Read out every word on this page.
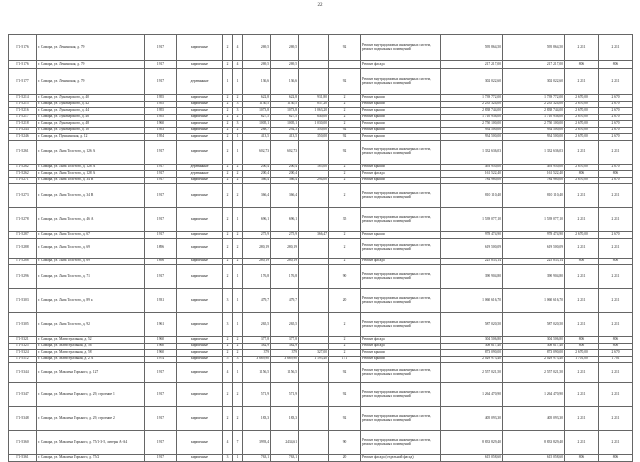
22
Г1-5176	г. Самара, ул. Ленинская, д. 79	1917	кирпичные	2	4	269,5	269,5		92	Ремонт внутридомовых инженерных систем, ремонт подвальных помещений	595 864,50	595 864,50	2 211	2 211
Г1-5176	г. Самара, ул. Ленинская, д. 79	1917	кирпичные	2	4	269,5	269,5			Ремонт фасада	217 217,00	217 217,00	806	806
Г1-5177	г. Самара, ул. Ленинская, д. 79	1917	деревянные	1	1	136,6	136,6		92	Ремонт внутридомовых инженерных систем, ремонт подвальных помещений	302 022,60	302 022,60	2 211	2 211
Г1-5214	г. Самара, ул. Луначарского, д. 40	1955	кирпичные	2	2	622,8	622,8	931,80	2	Ремонт крыши	1 739 772,00	1 739 772,00	2 670,00	2 670
Г1-5215	г. Самара, ул. Луначарского, д. 42	1955	кирпичные	2	3	1130,5	1130,5	837,20	2	Ремонт крыши	2 235 324,00	2 235 324,00	2 670,00	2 670
Г1-5216	г. Самара, ул. Луначарского, д. 44	1955	кирпичные	2	3	1073,8	1073,8	1 063,20	2	Ремонт крыши	2 838 744,00	2 838 744,00	2 670,00	2 670
Г1-5217	г. Самара, ул. Луначарского, д. 46	1955	кирпичные	2	2	627,5	627,5	640,00	2	Ремонт крыши	1 710 936,00	1 710 936,00	2 670,00	2 670
Г1-5218	г. Самара, ул. Луначарского, д. 48	1960	кирпичные	2	3	1005,1	1005,1	1 030,00	2	Ремонт крыши	2 750 100,00	2 750 100,00	2 670,00	2 670
Г1-5244	г. Самара, ул. Луначарского, д. 10	1953	кирпичные	2	2	288,7	292,3	350,00	92	Ремонт крыши	934 500,00	934 500,00	2 670,00	2 670
Г1-5246	г. Самара, ул. Пушкинская, д. 12	1954	кирпичные	2	1	413,5	413,5	350,00	92	Ремонт крыши	934 500,00	934 500,00	2 670,00	2 670
Г1-5261	г. Самара, ул. Льва Толстого, д. 126 А	1917	кирпичные	2	1	602,73	602,73		92	Ремонт внутридомовых инженерных систем, ремонт подвальных помещений	1 332 636,03	1 332 636,03	2 211	2 211
Г1-5262	г. Самара, ул. Льва Толстого, д. 128 А	1917	деревянные	2	2	200,4	200,4	185,00	2	Ремонт крыши	493 950,00	493 950,00	2 670,00	2 670
Г1-5262	г. Самара, ул. Льва Толстого, д. 128 А	1917	деревянные	2	2	200,4	200,4		2	Ремонт фасада	161 522,40	161 522,40	806	806
Г1-5271	г. Самара, ул. Льва Толстого, д. 34 В	1917	кирпичные	2	2	366,4	366,4	294,00	2	Ремонт крыши	784 980,00	784 980,00	2 670,00	2 670
Г1-5273	г. Самара, ул. Льва Толстого, д. 34 В	1917	кирпичные	2	2	366,4	366,4		2	Ремонт внутридомовых инженерных систем, ремонт подвальных помещений	810 110,40	810 110,40	2 211	2 211
Г1-5278	г. Самара, ул. Льва Толстого, д. 46 А	1917	кирпичные	2	1	696,1	696,1		35	Ремонт внутридомовых инженерных систем, ремонт подвальных помещений	1 539 077,10	1 539 077,10	2 211	2 211
Г1-5287	г. Самара, ул. Льва Толстого, д. 67	1917	кирпичные	2	2	275,9	275,9	366,47	2	Ремонт крыши	978 474,90	978 474,90	2 670,00	2 670
Г1-5288	г. Самара, ул. Льва Толстого, д. 69	1896	кирпичные	2	2	280,19	280,19		2	Ремонт внутридомовых инженерных систем, ремонт подвальных помещений	619 500,09	619 500,09	2 211	2 211
Г1-5288	г. Самара, ул. Льва Толстого, д. 69	1896	кирпичные	2	2	280,19	280,19		2	Ремонт фасада	225 833,14	225 833,14	806	806
Г1-5296	г. Самара, ул. Льва Толстого, д. 71	1917	кирпичные	2	1	176,8	176,8		90	Ремонт внутридомовых инженерных систем, ремонт подвальных помещений	390 904,80	390 904,80	2 211	2 211
Г1-5303	г. Самара, ул. Льва Толстого, д. 89 а	1931	кирпичные	3	1	479,7	479,7		20	Ремонт внутридомовых инженерных систем, ремонт подвальных помещений	1 060 616,70	1 060 616,70	2 211	2 211
Г1-5305	г. Самара, ул. Льва Толстого, д. 92	1961	кирпичные	3	1	265,5	265,5		2	Ремонт внутридомовых инженерных систем, ремонт подвальных помещений	587 020,50	587 020,50	2 211	2 211
Г1-5321	г. Самара, ул. Магистральная, д. 52	1960	кирпичные	2	2	377,8	377,8		2	Ремонт фасада	304 506,80	304 506,80	806	806
Г1-5325	г. Самара, ул. Магистральная, д. 56	1960	кирпичные	2	2	382,9	382,9		2	Ремонт фасада	308 617,40	308 617,40	806	806
Г1-5324	г. Самара, ул. Магистральная, д. 58	1960	кирпичные	2	2	379	379	327,00	2	Ремонт крыши	873 090,00	873 090,00	2 670,00	2 670
Г1-5512	г. Самара, ул. Магистральная, д. 2 А	1974	кирпичные	5	3	3 669,90	3 669,90	1 193,40	171	Ремонт крыши	2 029 973,40	2 029 973,40	1 701,00	1 701
Г1-5344	г. Самара, ул. Максима Горького, д. 127	1917	кирпичные	4	1	1156,5	1156,5		92	Ремонт внутридомовых инженерных систем, ремонт подвальных помещений	2 557 021,50	2 557 021,50	2 211	2 211
Г1-5347	г. Самара, ул. Максима Горького, д. 29, строение 1	1917	кирпичные	2	2	571,9	571,9		92	Ремонт внутридомовых инженерных систем, ремонт подвальных помещений	1 264 470,90	1 264 470,90	2 211	2 211
Г1-5348	г. Самара, ул. Максима Горького, д. 29, строение 2	1917	кирпичные	2	2	183,3	183,3		92	Ремонт внутридомовых инженерных систем, ремонт подвальных помещений	405 093,30	405 093,30	2 211	2 211
Г1-5360	г. Самара, ул. Максима Горького, д. 75/1-3-5, литеры А-А4	1917	кирпичные	4	7	3993,4	2434,61		90	Ремонт внутридомовых инженерных систем, ремонт подвальных помещений	8 833 829,40	8 833 829,40	2 211	2 211
Г1-5361	г. Самара, ул. Максима Горького, д. 75/2	1917	кирпичные	3	1	763,1	763,1		20	Ремонт фасада (отдельной фасад)	615 058,60	615 058,60	806	806
